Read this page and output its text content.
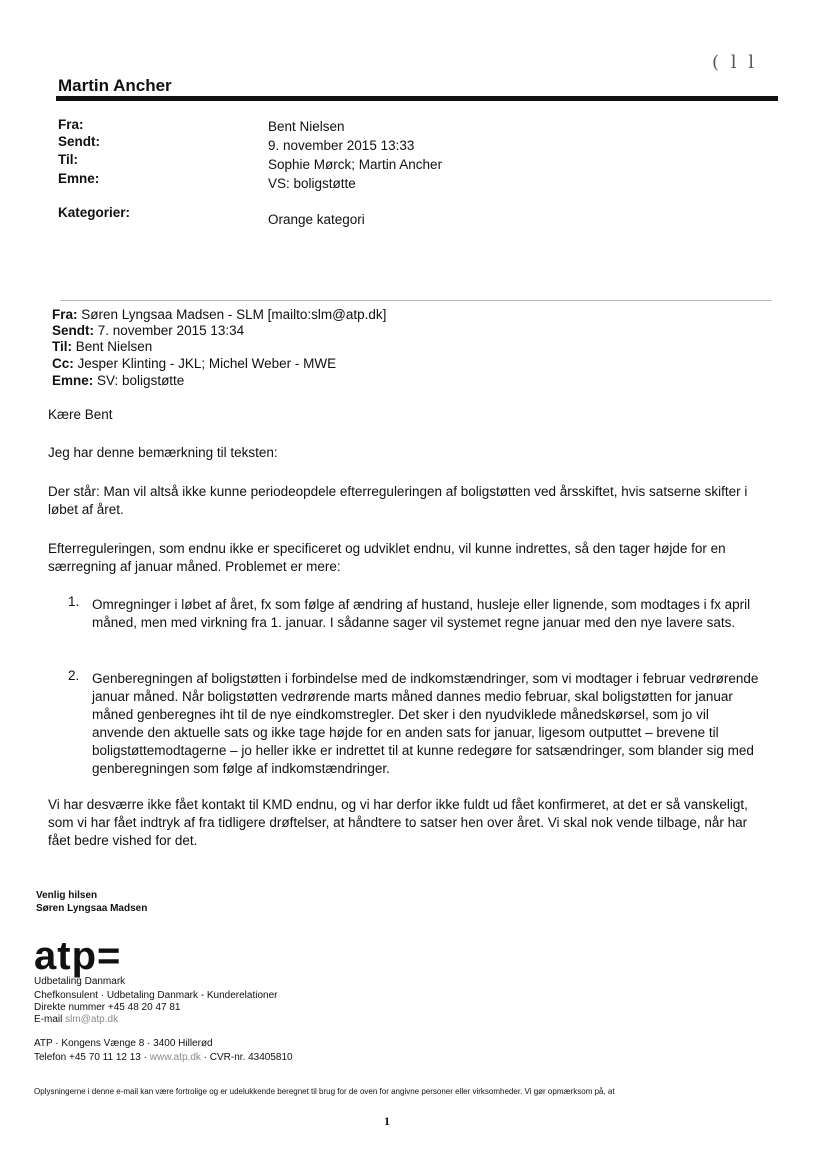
( l l
Martin Ancher
Fra:	Bent Nielsen
Sendt:	9. november 2015 13:33
Til:	Sophie Mørck; Martin Ancher
Emne:	VS: boligstøtte
Kategorier:	Orange kategori
Fra: Søren Lyngsaa Madsen - SLM [mailto:slm@atp.dk]
Sendt: 7. november 2015 13:34
Til: Bent Nielsen
Cc: Jesper Klinting - JKL; Michel Weber - MWE
Emne: SV: boligstøtte
Kære Bent
Jeg har denne bemærkning til teksten:
Der står: Man vil altså ikke kunne periodeopdele efterreguleringen af boligstøtten ved årsskiftet, hvis satserne skifter i løbet af året.
Efterreguleringen, som endnu ikke er specificeret og udviklet endnu, vil kunne indrettes, så den tager højde for en særregning af januar måned. Problemet er mere:
1. Omregninger i løbet af året, fx som følge af ændring af hustand, husleje eller lignende, som modtages i fx april måned, men med virkning fra 1. januar. I sådanne sager vil systemet regne januar med den nye lavere sats.
2. Genberegningen af boligstøtten i forbindelse med de indkomstændringer, som vi modtager i februar vedrørende januar måned. Når boligstøtten vedrørende marts måned dannes medio februar, skal boligstøtten for januar måned genberegnes iht til de nye eindkomstregler. Det sker i den nyudviklede månedskørsel, som jo vil anvende den aktuelle sats og ikke tage højde for en anden sats for januar, ligesom outputtet – brevene til boligstøttemodtagerne – jo heller ikke er indrettet til at kunne redegøre for satsændringer, som blander sig med genberegningen som følge af indkomstændringer.
Vi har desværre ikke fået kontakt til KMD endnu, og vi har derfor ikke fuldt ud fået konfirmeret, at det er så vanskeligt, som vi har fået indtryk af fra tidligere drøftelser, at håndtere to satser hen over året. Vi skal nok vende tilbage, når har fået bedre vished for det.
Venlig hilsen
Søren Lyngsaa Madsen
atp=
Udbetaling Danmark
Chefkonsulent · Udbetaling Danmark - Kunderelationer
Direkte nummer +45 48 20 47 81
E-mail slm@atp.dk
ATP · Kongens Vænge 8 · 3400 Hillerød
Telefon +45 70 11 12 13 · www.atp.dk · CVR-nr. 43405810
Oplysningerne i denne e-mail kan være fortrolige og er udelukkende beregnet til brug for de oven for angivne personer eller virksomheder. Vi gør opmærksom på, at
1
